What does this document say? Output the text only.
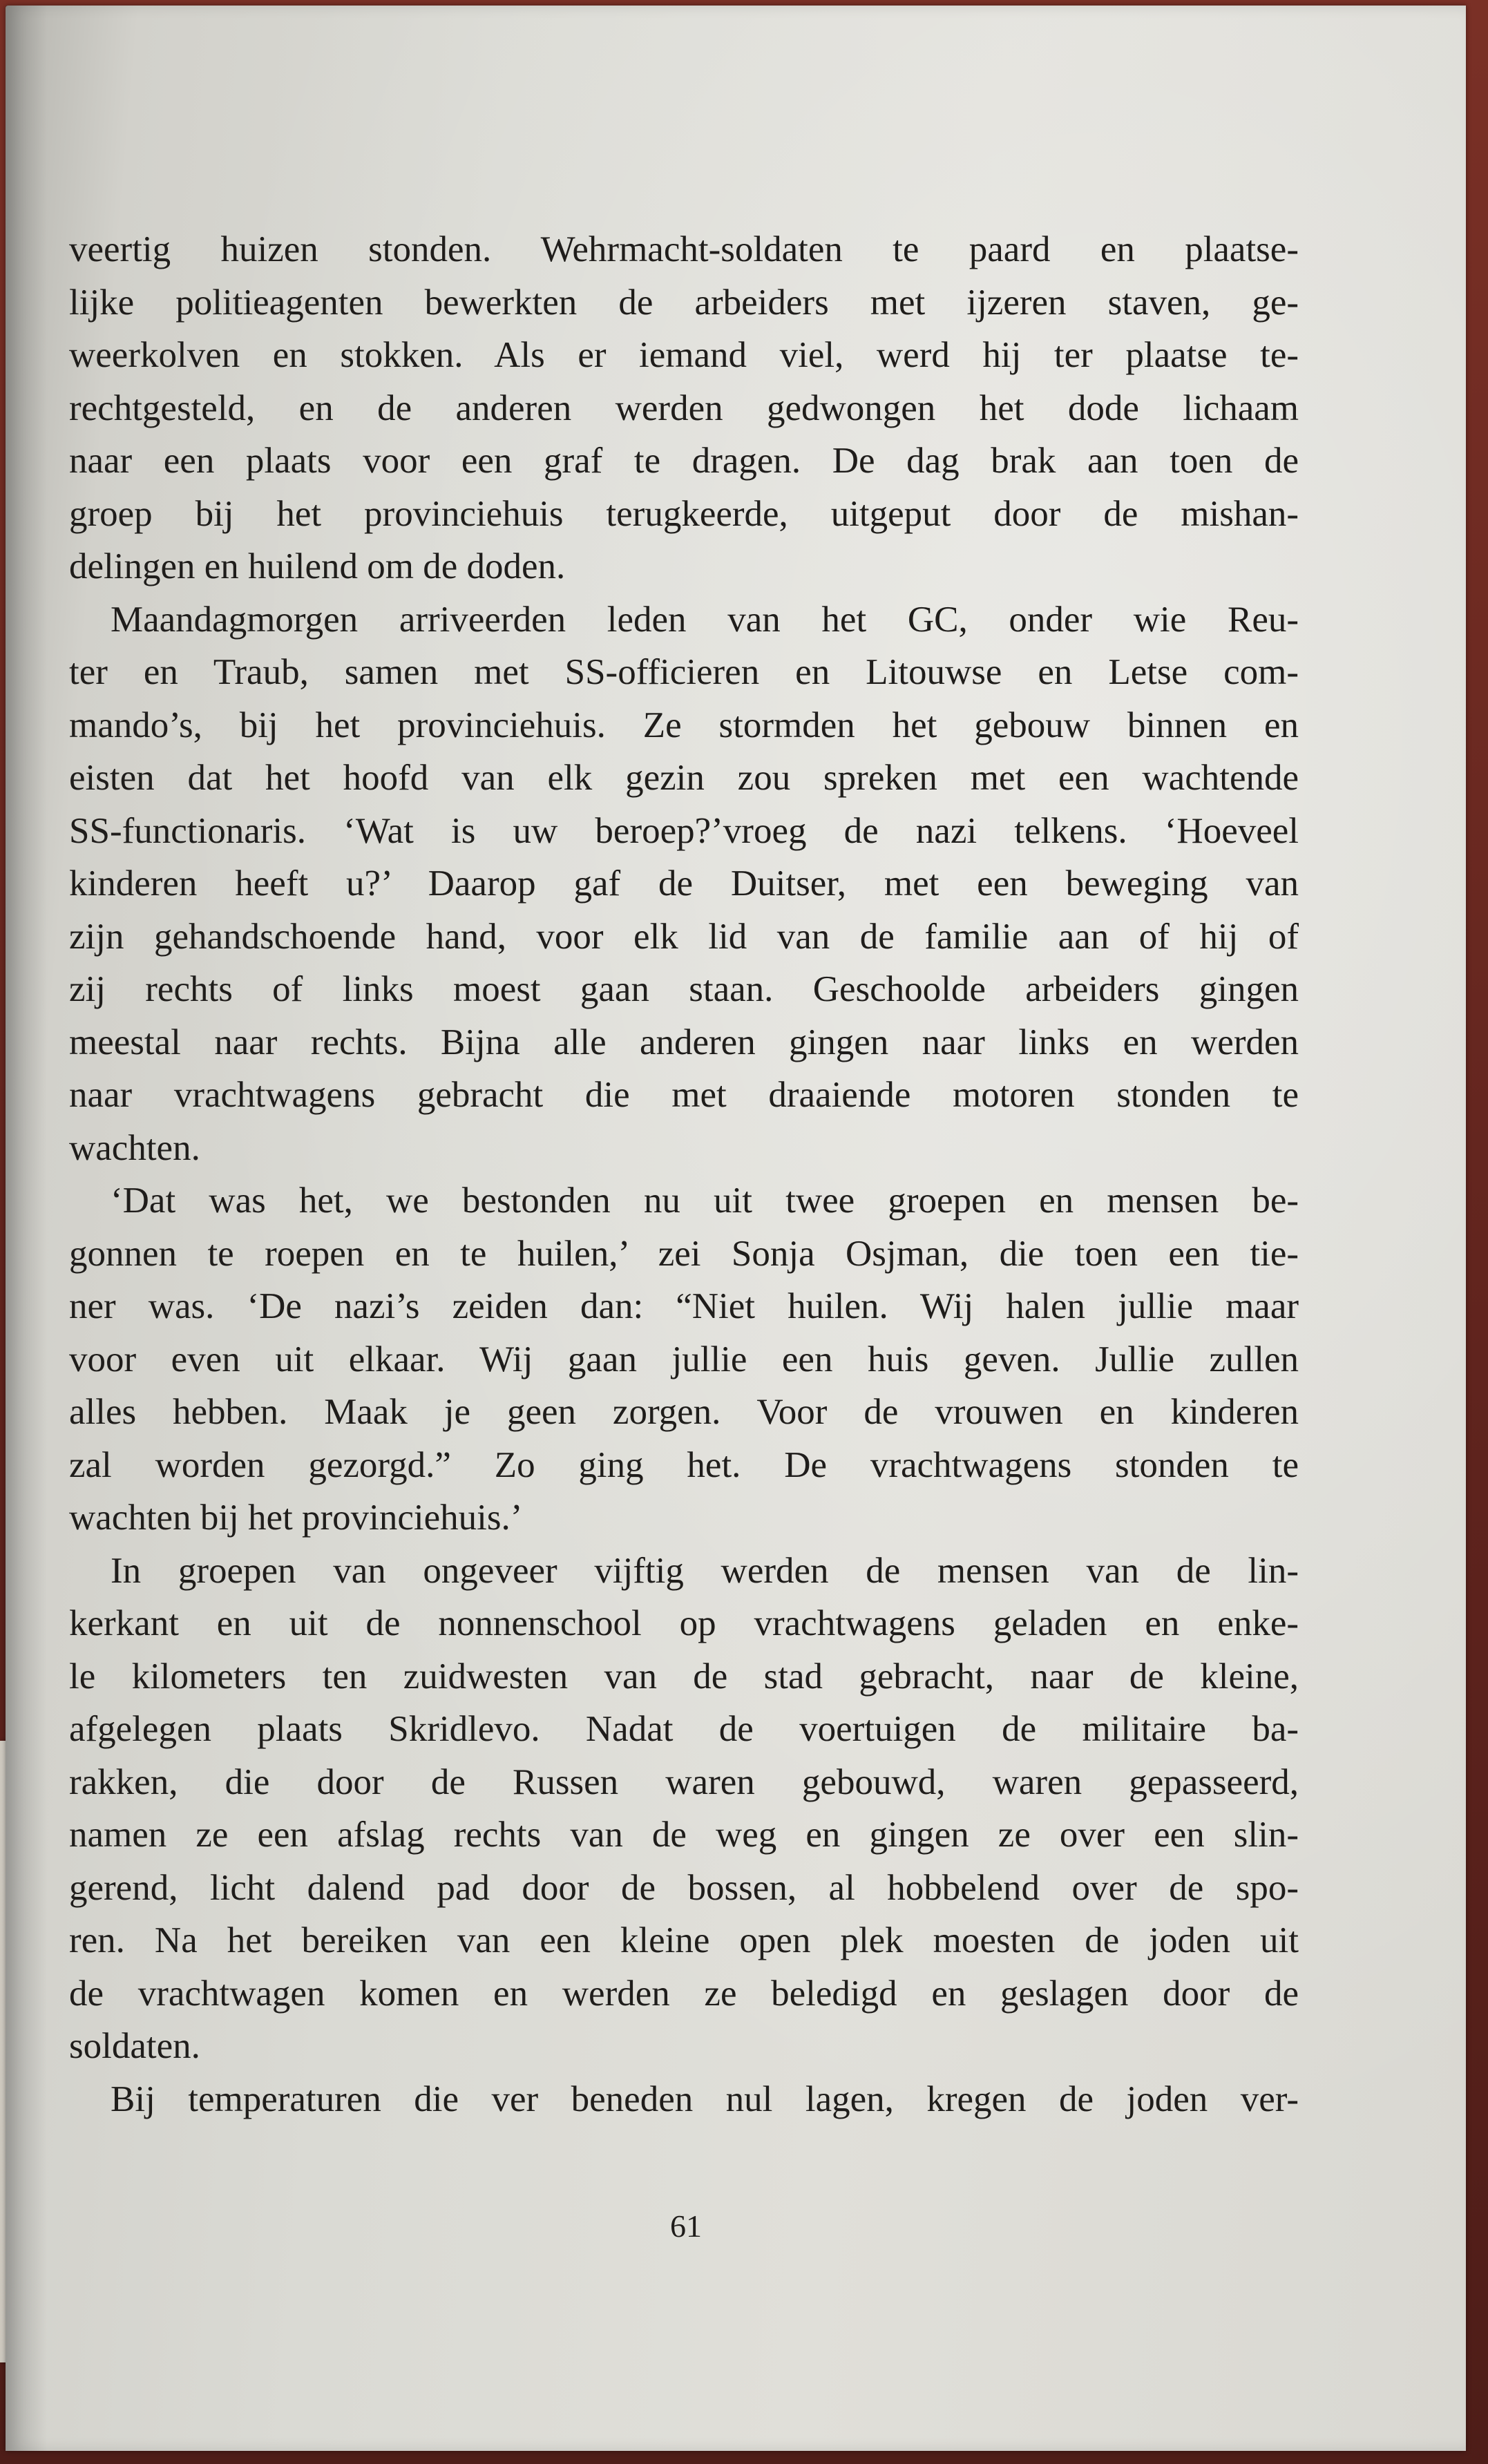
veertig huizen stonden. Wehrmacht-soldaten te paard en plaatse-

lijke politieagenten bewerkten de arbeiders met ijzeren staven, ge-

weerkolven en stokken. Als er iemand viel, werd hij ter plaatse te-

rechtgesteld, en de anderen werden gedwongen het dode lichaam

naar een plaats voor een graf te dragen. De dag brak aan toen de

groep bij het provinciehuis terugkeerde, uitgeput door de mishan-

delingen en huilend om de doden.

Maandagmorgen arriveerden leden van het GC, onder wie Reu-

ter en Traub, samen met SS-officieren en Litouwse en Letse com-

mando’s, bij het provinciehuis. Ze stormden het gebouw binnen en

eisten dat het hoofd van elk gezin zou spreken met een wachtende

SS-functionaris. ‘Wat is uw beroep?’vroeg de nazi telkens. ‘Hoeveel

kinderen heeft u?’ Daarop gaf de Duitser, met een beweging van

zijn gehandschoende hand, voor elk lid van de familie aan of hij of

zij rechts of links moest gaan staan. Geschoolde arbeiders gingen

meestal naar rechts. Bijna alle anderen gingen naar links en werden

naar vrachtwagens gebracht die met draaiende motoren stonden te

wachten.

‘Dat was het, we bestonden nu uit twee groepen en mensen be-

gonnen te roepen en te huilen,’ zei Sonja Osjman, die toen een tie-

ner was. ‘De nazi’s zeiden dan: “Niet huilen. Wij halen jullie maar

voor even uit elkaar. Wij gaan jullie een huis geven. Jullie zullen

alles hebben. Maak je geen zorgen. Voor de vrouwen en kinderen

zal worden gezorgd.” Zo ging het. De vrachtwagens stonden te

wachten bij het provinciehuis.’

In groepen van ongeveer vijftig werden de mensen van de lin-

kerkant en uit de nonnenschool op vrachtwagens geladen en enke-

le kilometers ten zuidwesten van de stad gebracht, naar de kleine,

afgelegen plaats Skridlevo. Nadat de voertuigen de militaire ba-

rakken, die door de Russen waren gebouwd, waren gepasseerd,

namen ze een afslag rechts van de weg en gingen ze over een slin-

gerend, licht dalend pad door de bossen, al hobbelend over de spo-

ren. Na het bereiken van een kleine open plek moesten de joden uit

de vrachtwagen komen en werden ze beledigd en geslagen door de

soldaten.

Bij temperaturen die ver beneden nul lagen, kregen de joden ver-

61
